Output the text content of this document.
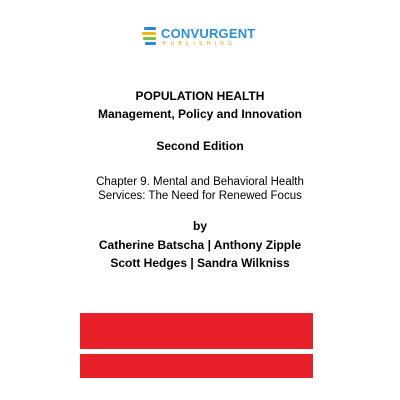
CONVURGENT
PUBLISHING
POPULATION HEALTH
Management, Policy and Innovation
Second Edition
Chapter 9. Mental and Behavioral Health
Services: The Need for Renewed Focus
by
Catherine Batscha | Anthony Zipple
Scott Hedges | Sandra Wilkniss
